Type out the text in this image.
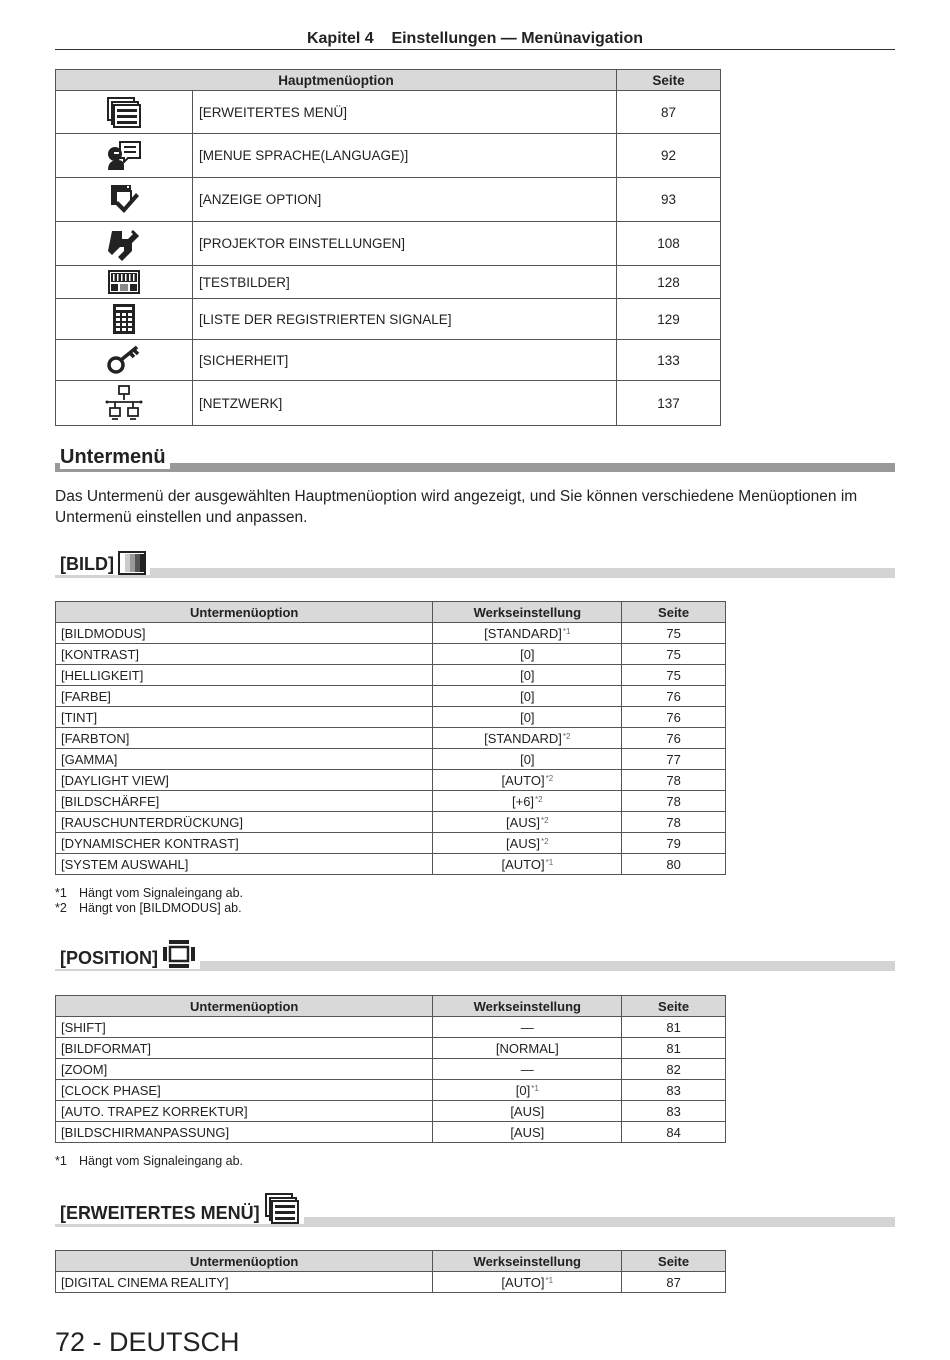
Kapitel 4    Einstellungen — Menünavigation
Hauptmenüoption		Seite

	[ERWEITERTES MENÜ]	87

	[MENUE SPRACHE(LANGUAGE)]	92

	[ANZEIGE OPTION]	93

	[PROJEKTOR EINSTELLUNGEN]	108

	[TESTBILDER]	128

	[LISTE DER REGISTRIERTEN SIGNALE]	129

	[SICHERHEIT]	133

	[NETZWERK]	137
Untermenü
Das Untermenü der ausgewählten Hauptmenüoption wird angezeigt, und Sie können verschiedene Menüoptionen im Untermenü einstellen und anpassen.
[BILD]
Untermenüoption	Werkseinstellung	Seite
[BILDMODUS]	[STANDARD]$^{*1}$	75
[KONTRAST]	[0]	75
[HELLIGKEIT]	[0]	75
[FARBE]	[0]	76
[TINT]	[0]	76
[FARBTON]	[STANDARD]$^{*2}$	76
[GAMMA]	[0]	77
[DAYLIGHT VIEW]	[AUTO]$^{*2}$	78
[BILDSCHÄRFE]	[+6]$^{*2}$	78
[RAUSCHUNTERDRÜCKUNG]	[AUS]$^{*2}$	78
[DYNAMISCHER KONTRAST]	[AUS]$^{*2}$	79
[SYSTEM AUSWAHL]	[AUTO]$^{*1}$	80
*1 Hängt vom Signaleingang ab.
*2 Hängt von [BILDMODUS] ab.
[POSITION]
Untermenüoption	Werkseinstellung	Seite
[SHIFT]	—	81
[BILDFORMAT]	[NORMAL]	81
[ZOOM]	—	82
[CLOCK PHASE]	[0]$^{*1}$	83
[AUTO. TRAPEZ KORREKTUR]	[AUS]	83
[BILDSCHIRMANPASSUNG]	[AUS]	84
*1 Hängt vom Signaleingang ab.
[ERWEITERTES MENÜ]
Untermenüoption	Werkseinstellung	Seite
[DIGITAL CINEMA REALITY]	[AUTO]$^{*1}$	87
72 - DEUTSCH
